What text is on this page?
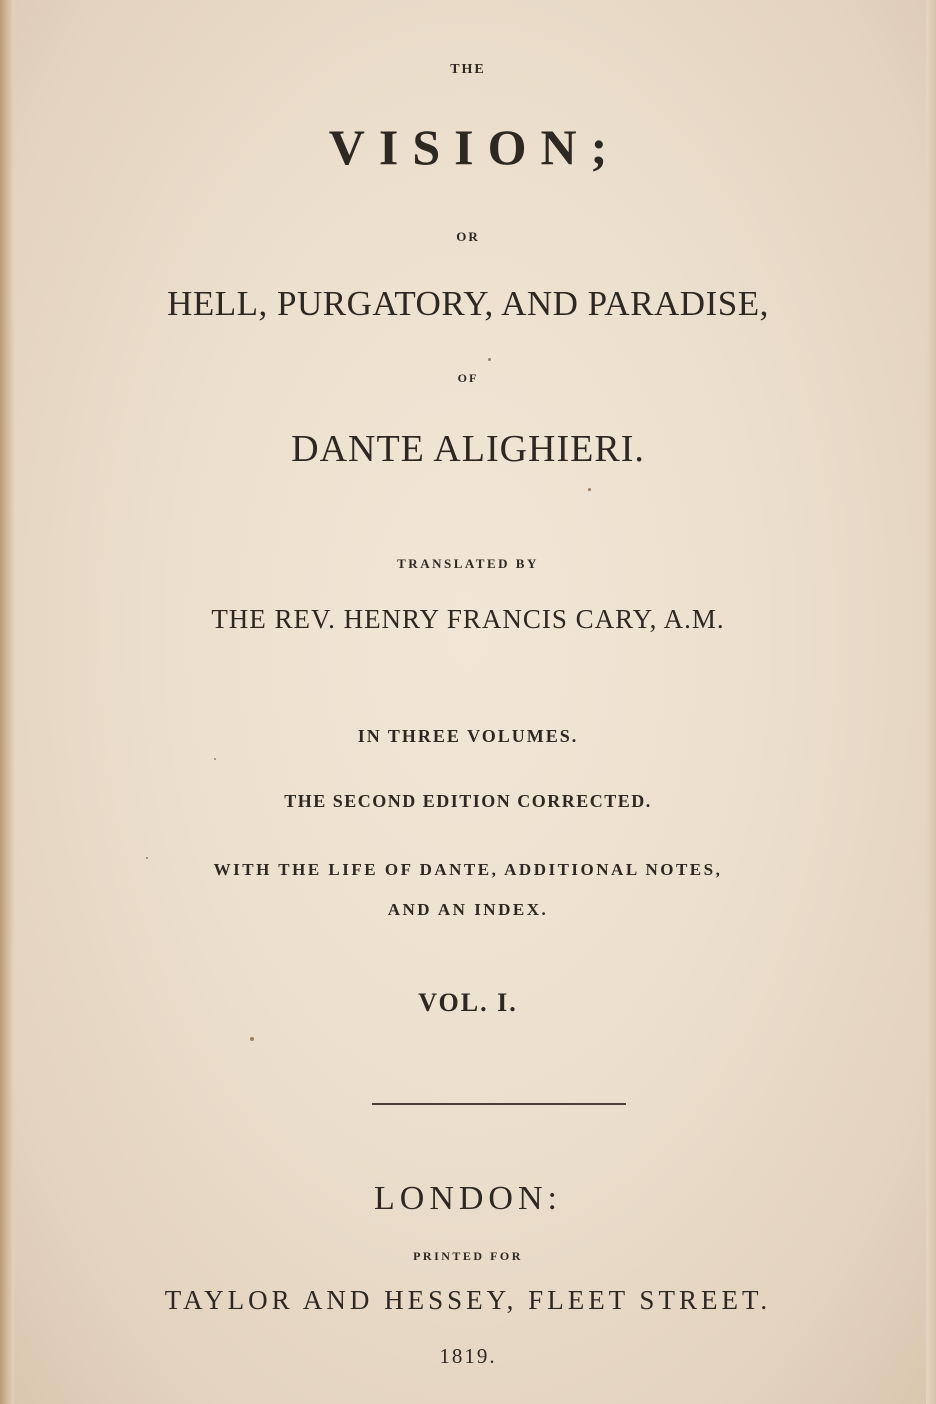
THE
VISION;
OR
HELL, PURGATORY, AND PARADISE,
OF
DANTE ALIGHIERI.
TRANSLATED BY
THE REV. HENRY FRANCIS CARY, A.M.
IN THREE VOLUMES.
THE SECOND EDITION CORRECTED.
WITH THE LIFE OF DANTE, ADDITIONAL NOTES,
AND AN INDEX.
VOL. I.
LONDON:
PRINTED FOR
TAYLOR AND HESSEY, FLEET STREET.
1819.
